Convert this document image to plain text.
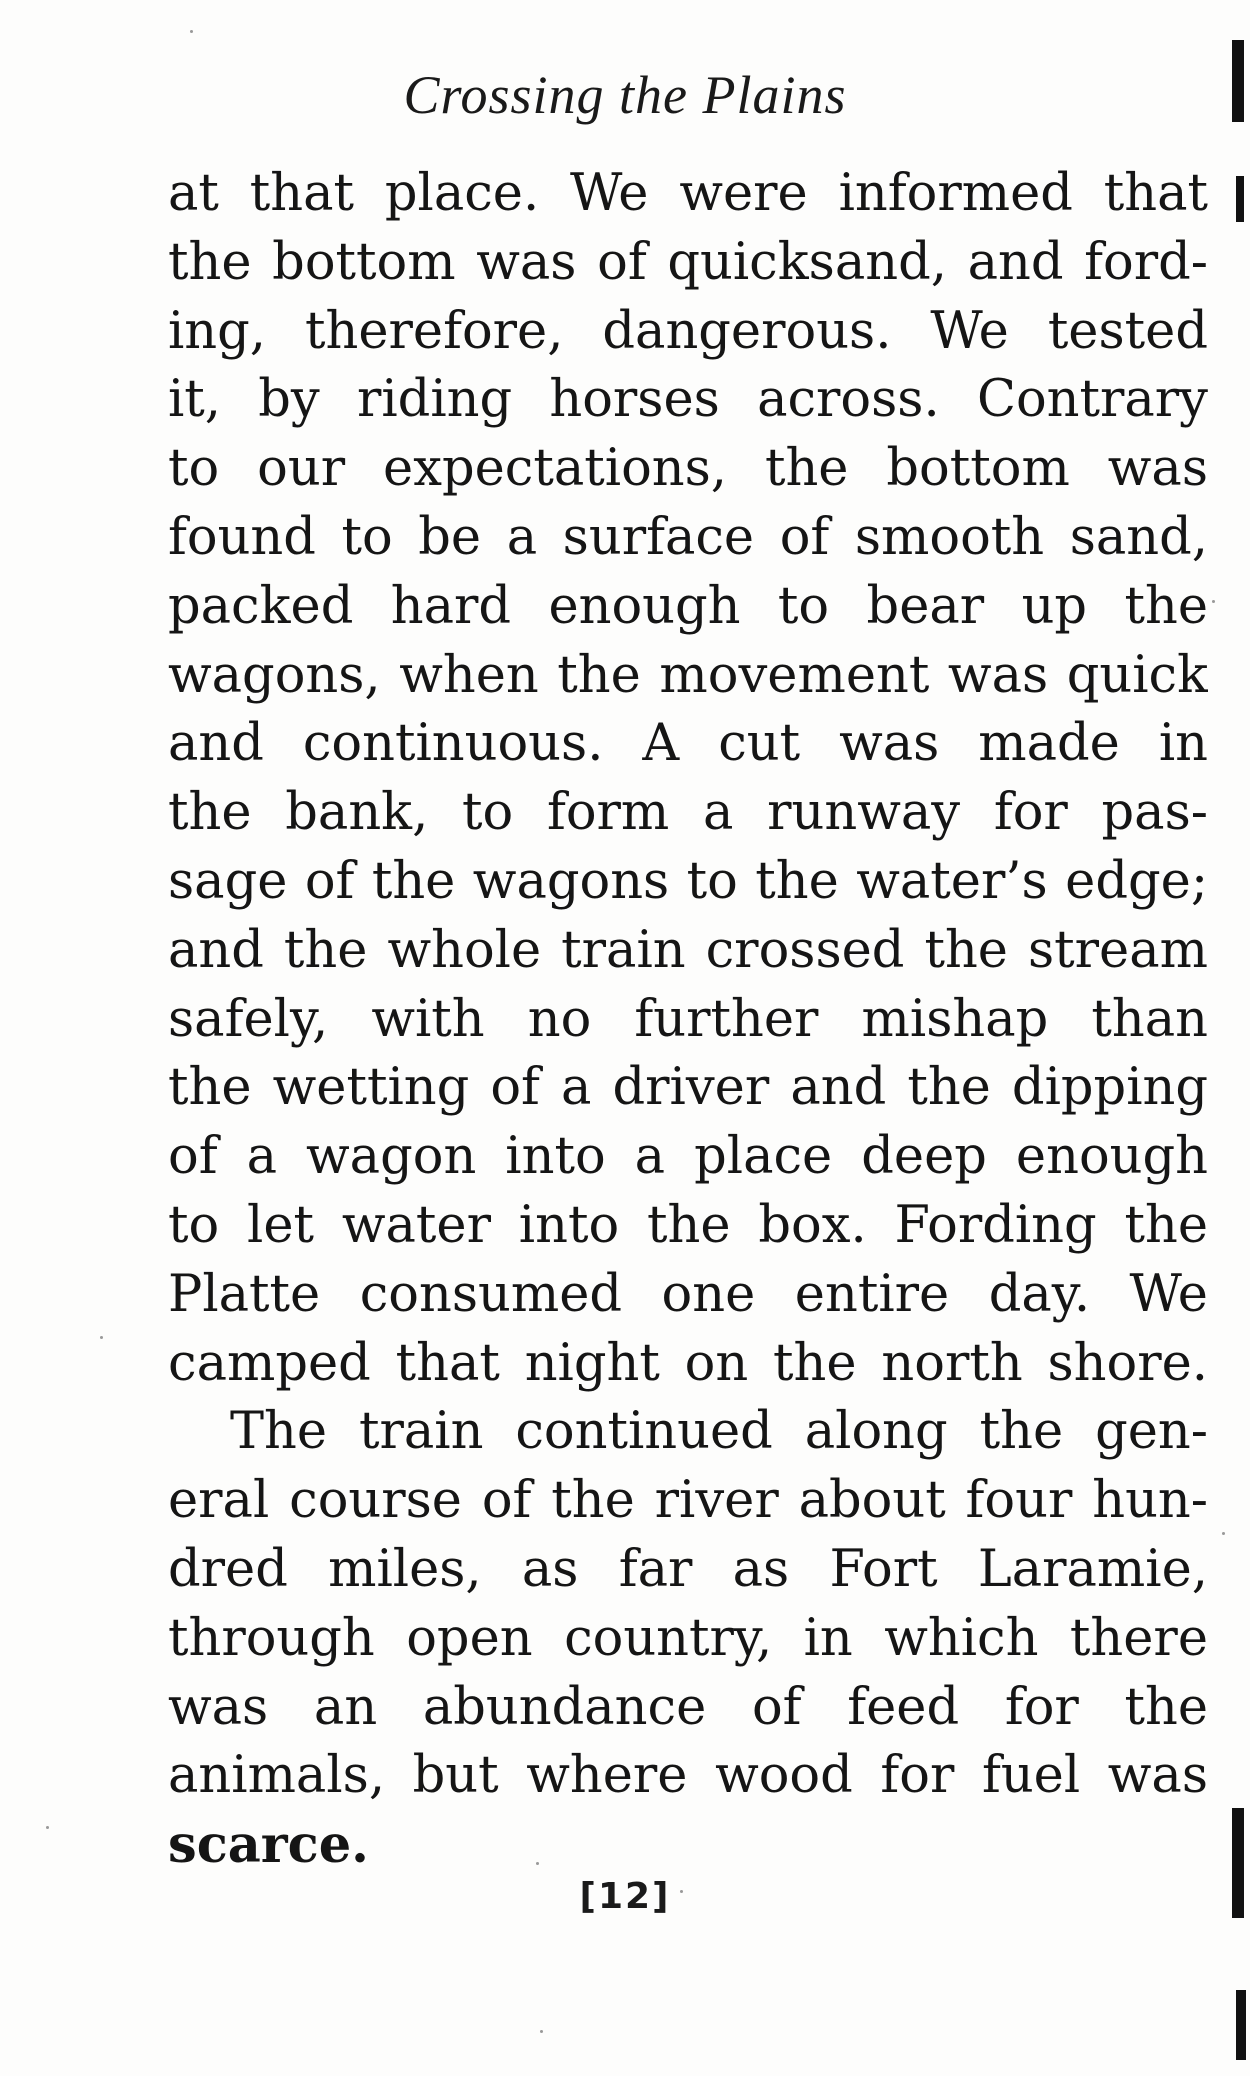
Crossing the Plains
at that place. We were informed that
the bottom was of quicksand, and ford-
ing, therefore, dangerous. We tested
it, by riding horses across. Contrary
to our expectations, the bottom was
found to be a surface of smooth sand,
packed hard enough to bear up the
wagons, when the movement was quick
and continuous. A cut was made in
the bank, to form a runway for pas-
sage of the wagons to the water’s edge;
and the whole train crossed the stream
safely, with no further mishap than
the wetting of a driver and the dipping
of a wagon into a place deep enough
to let water into the box. Fording the
Platte consumed one entire day. We
camped that night on the north shore.
The train continued along the gen-
eral course of the river about four hun-
dred miles, as far as Fort Laramie,
through open country, in which there
was an abundance of feed for the
animals, but where wood for fuel was
scarce.
[12]
